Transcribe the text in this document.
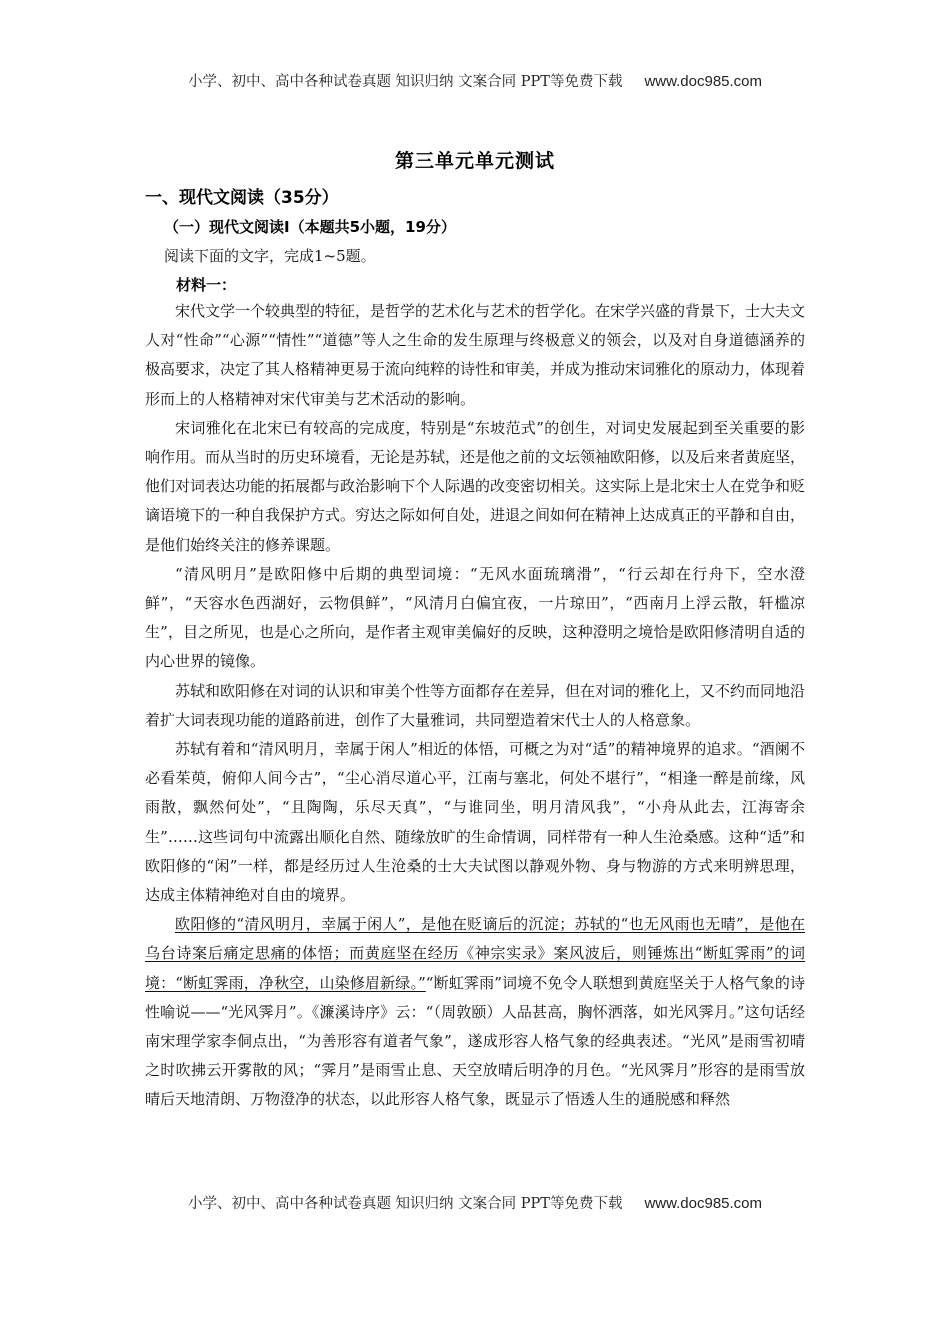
小学、初中、高中各种试卷真题 知识归纳 文案合同 PPT等免费下载 www.doc985.com
第三单元单元测试
一、现代文阅读（35分）
（一）现代文阅读Ⅰ（本题共5小题，19分）
阅读下面的文字，完成1~5题。
材料一：

宋代文学一个较典型的特征，是哲学的艺术化与艺术的哲学化。在宋学兴盛的背景下，士大夫文人对“性命”“心源”“情性”“道德”等人之生命的发生原理与终极意义的领会，以及对自身道德涵养的极高要求，决定了其人格精神更易于流向纯粹的诗性和审美，并成为推动宋词雅化的原动力，体现着形而上的人格精神对宋代审美与艺术活动的影响。

宋词雅化在北宋已有较高的完成度，特别是“东坡范式”的创生，对词史发展起到至关重要的影响作用。而从当时的历史环境看，无论是苏轼，还是他之前的文坛领袖欧阳修，以及后来者黄庭坚，他们对词表达功能的拓展都与政治影响下个人际遇的改变密切相关。这实际上是北宋士人在党争和贬谪语境下的一种自我保护方式。穷达之际如何自处，进退之间如何在精神上达成真正的平静和自由，是他们始终关注的修养课题。

“清风明月”是欧阳修中后期的典型词境：“无风水面琉璃滑”，“行云却在行舟下，空水澄鲜”，“天容水色西湖好，云物俱鲜”，“风清月白偏宜夜，一片琼田”，“西南月上浮云散，轩槛凉生”，目之所见，也是心之所向，是作者主观审美偏好的反映，这种澄明之境恰是欧阳修清明自适的内心世界的镜像。

苏轼和欧阳修在对词的认识和审美个性等方面都存在差异，但在对词的雅化上，又不约而同地沿着扩大词表现功能的道路前进，创作了大量雅词，共同塑造着宋代士人的人格意象。

苏轼有着和“清风明月，幸属于闲人”相近的体悟，可概之为对“适”的精神境界的追求。“酒阑不必看茱萸，俯仰人间今古”，“尘心消尽道心平，江南与塞北，何处不堪行”，“相逢一醉是前缘，风雨散，飘然何处”，“且陶陶，乐尽天真”，“与谁同坐，明月清风我”，“小舟从此去，江海寄余生”……这些词句中流露出顺化自然、随缘放旷的生命情调，同样带有一种人生沧桑感。这种“适”和欧阳修的“闲”一样，都是经历过人生沧桑的士大夫试图以静观外物、身与物游的方式来明辨思理，达成主体精神绝对自由的境界。

欧阳修的“清风明月，幸属于闲人”，是他在贬谪后的沉淀；苏轼的“也无风雨也无晴”，是他在乌台诗案后痛定思痛的体悟；而黄庭坚在经历《神宗实录》案风波后，则锤炼出“断虹霁雨”的词境：“断虹霁雨，净秋空，山染修眉新绿。”“断虹霁雨”词境不免令人联想到黄庭坚关于人格气象的诗性喻说——“光风霁月”。《濂溪诗序》云：“（周敦颐）人品甚高，胸怀洒落，如光风霁月。”这句话经南宋理学家李侗点出，“为善形容有道者气象”，遂成形容人格气象的经典表述。“光风”是雨雪初晴之时吹拂云开雾散的风；“霁月”是雨雪止息、天空放晴后明净的月色。“光风霁月”形容的是雨雪放晴后天地清朗、万物澄净的状态，以此形容人格气象，既显示了悟透人生的通脱感和释然

小学、初中、高中各种试卷真题 知识归纳 文案合同 PPT等免费下载 www.doc985.com
